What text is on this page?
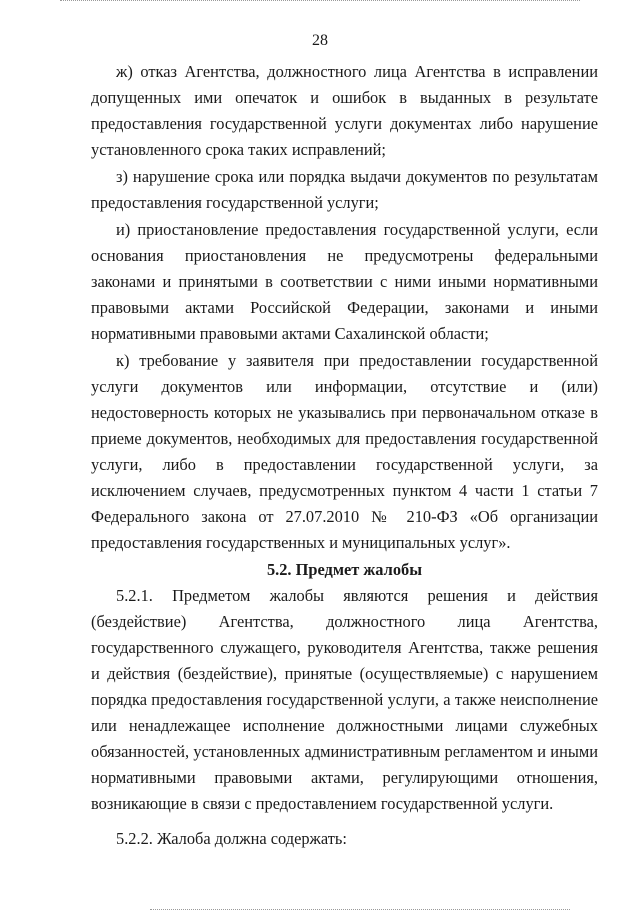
28

ж) отказ Агентства, должностного лица Агентства в исправлении допущенных ими опечаток и ошибок в выданных в результате предоставления государственной услуги документах либо нарушение установленного срока таких исправлений;

з) нарушение срока или порядка выдачи документов по результатам предоставления государственной услуги;

и) приостановление предоставления государственной услуги, если основания приостановления не предусмотрены федеральными законами и принятыми в соответствии с ними иными нормативными правовыми актами Российской Федерации, законами и иными нормативными правовыми актами Сахалинской области;

к) требование у заявителя при предоставлении государственной услуги документов или информации, отсутствие и (или) недостоверность которых не указывались при первоначальном отказе в приеме документов, необходимых для предоставления государственной услуги, либо в предоставлении государственной услуги, за исключением случаев, предусмотренных пунктом 4 части 1 статьи 7 Федерального закона от 27.07.2010 № 210-ФЗ «Об организации предоставления государственных и муниципальных услуг».

5.2. Предмет жалобы

5.2.1. Предметом жалобы являются решения и действия (бездействие) Агентства, должностного лица Агентства, государственного служащего, руководителя Агентства, также решения и действия (бездействие), принятые (осуществляемые) с нарушением порядка предоставления государственной услуги, а также неисполнение или ненадлежащее исполнение должностными лицами служебных обязанностей, установленных административным регламентом и иными нормативными правовыми актами, регулирующими отношения, возникающие в связи с предоставлением государственной услуги.

5.2.2. Жалоба должна содержать:
